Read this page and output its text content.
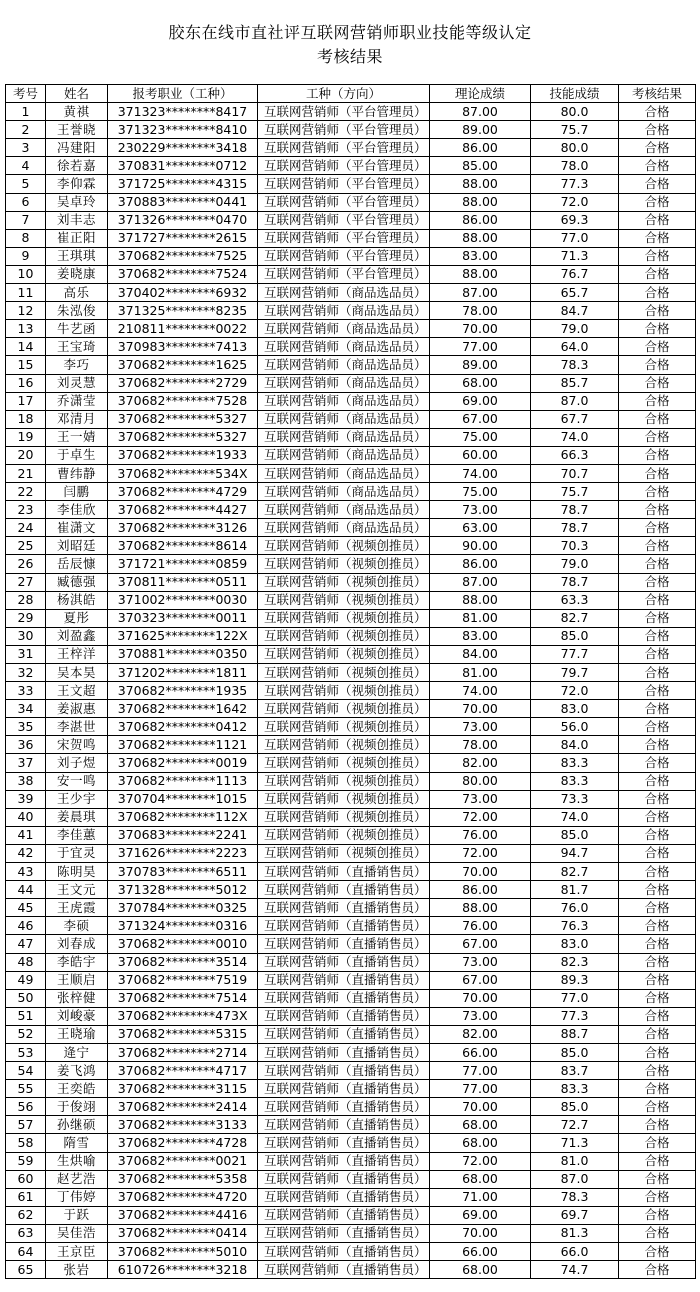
胶东在线市直社评互联网营销师职业技能等级认定
考核结果
考号	姓名	报考职业（工种）	工种（方向）	理论成绩	技能成绩	考核结果
1	黄祺	371323********8417	互联网营销师（平台管理员）	87.00	80.0	合格
2	王誉晓	371323********8410	互联网营销师（平台管理员）	89.00	75.7	合格
3	冯建阳	230229********3418	互联网营销师（平台管理员）	86.00	80.0	合格
4	徐若嘉	370831********0712	互联网营销师（平台管理员）	85.00	78.0	合格
5	李仰霖	371725********4315	互联网营销师（平台管理员）	88.00	77.3	合格
6	吴卓玲	370883********0441	互联网营销师（平台管理员）	88.00	72.0	合格
7	刘丰志	371326********0470	互联网营销师（平台管理员）	86.00	69.3	合格
8	崔正阳	371727********2615	互联网营销师（平台管理员）	88.00	77.0	合格
9	王琪琪	370682********7525	互联网营销师（平台管理员）	83.00	71.3	合格
10	姜晓康	370682********7524	互联网营销师（平台管理员）	88.00	76.7	合格
11	高乐	370402********6932	互联网营销师（商品选品员）	87.00	65.7	合格
12	朱泓俊	371325********8235	互联网营销师（商品选品员）	78.00	84.7	合格
13	牛艺函	210811********0022	互联网营销师（商品选品员）	70.00	79.0	合格
14	王宝琦	370983********7413	互联网营销师（商品选品员）	77.00	64.0	合格
15	李巧	370682********1625	互联网营销师（商品选品员）	89.00	78.3	合格
16	刘灵慧	370682********2729	互联网营销师（商品选品员）	68.00	85.7	合格
17	乔潇莹	370682********7528	互联网营销师（商品选品员）	69.00	87.0	合格
18	邓清月	370682********5327	互联网营销师（商品选品员）	67.00	67.7	合格
19	王一婧	370682********5327	互联网营销师（商品选品员）	75.00	74.0	合格
20	于卓生	370682********1933	互联网营销师（商品选品员）	60.00	66.3	合格
21	曹纬静	370682********534X	互联网营销师（商品选品员）	74.00	70.7	合格
22	闫鹏	370682********4729	互联网营销师（商品选品员）	75.00	75.7	合格
23	李佳欣	370682********4427	互联网营销师（商品选品员）	73.00	78.7	合格
24	崔潇文	370682********3126	互联网营销师（商品选品员）	63.00	78.7	合格
25	刘昭廷	370682********8614	互联网营销师（视频创推员）	90.00	70.3	合格
26	岳辰慷	371721********0859	互联网营销师（视频创推员）	86.00	79.0	合格
27	臧德强	370811********0511	互联网营销师（视频创推员）	87.00	78.7	合格
28	杨淇皓	371002********0030	互联网营销师（视频创推员）	88.00	63.3	合格
29	夏彤	370323********0011	互联网营销师（视频创推员）	81.00	82.7	合格
30	刘盈鑫	371625********122X	互联网营销师（视频创推员）	83.00	85.0	合格
31	王梓洋	370881********0350	互联网营销师（视频创推员）	84.00	77.7	合格
32	吴本昊	371202********1811	互联网营销师（视频创推员）	81.00	79.7	合格
33	王文超	370682********1935	互联网营销师（视频创推员）	74.00	72.0	合格
34	姜淑惠	370682********1642	互联网营销师（视频创推员）	70.00	83.0	合格
35	李湛世	370682********0412	互联网营销师（视频创推员）	73.00	56.0	合格
36	宋贺鸣	370682********1121	互联网营销师（视频创推员）	78.00	84.0	合格
37	刘子煜	370682********0019	互联网营销师（视频创推员）	82.00	83.3	合格
38	安一鸣	370682********1113	互联网营销师（视频创推员）	80.00	83.3	合格
39	王少宇	370704********1015	互联网营销师（视频创推员）	73.00	73.3	合格
40	姜晨琪	370682********112X	互联网营销师（视频创推员）	72.00	74.0	合格
41	李佳蕙	370683********2241	互联网营销师（视频创推员）	76.00	85.0	合格
42	于宜灵	371626********2223	互联网营销师（视频创推员）	72.00	94.7	合格
43	陈明昊	370783********6511	互联网营销师（直播销售员）	70.00	82.7	合格
44	王文元	371328********5012	互联网营销师（直播销售员）	86.00	81.7	合格
45	王虎霞	370784********0325	互联网营销师（直播销售员）	88.00	76.0	合格
46	李硕	371324********0316	互联网营销师（直播销售员）	76.00	76.3	合格
47	刘春成	370682********0010	互联网营销师（直播销售员）	67.00	83.0	合格
48	李皓宇	370682********3514	互联网营销师（直播销售员）	73.00	82.3	合格
49	王顺启	370682********7519	互联网营销师（直播销售员）	67.00	89.3	合格
50	张梓健	370682********7514	互联网营销师（直播销售员）	70.00	77.0	合格
51	刘峻豪	370682********473X	互联网营销师（直播销售员）	73.00	77.3	合格
52	王晓瑜	370682********5315	互联网营销师（直播销售员）	82.00	88.7	合格
53	逄宁	370682********2714	互联网营销师（直播销售员）	66.00	85.0	合格
54	姜飞鸿	370682********4717	互联网营销师（直播销售员）	77.00	83.7	合格
55	王奕皓	370682********3115	互联网营销师（直播销售员）	77.00	83.3	合格
56	于俊翊	370682********2414	互联网营销师（直播销售员）	70.00	85.0	合格
57	孙继硕	370682********3133	互联网营销师（直播销售员）	68.00	72.7	合格
58	隋雪	370682********4728	互联网营销师（直播销售员）	68.00	71.3	合格
59	生烘喻	370682********0021	互联网营销师（直播销售员）	72.00	81.0	合格
60	赵艺浩	370682********5358	互联网营销师（直播销售员）	68.00	87.0	合格
61	丁伟婷	370682********4720	互联网营销师（直播销售员）	71.00	78.3	合格
62	于跃	370682********4416	互联网营销师（直播销售员）	69.00	69.7	合格
63	吴佳浩	370682********0414	互联网营销师（直播销售员）	70.00	81.3	合格
64	王京臣	370682********5010	互联网营销师（直播销售员）	66.00	66.0	合格
65	张岩	610726********3218	互联网营销师（直播销售员）	68.00	74.7	合格
